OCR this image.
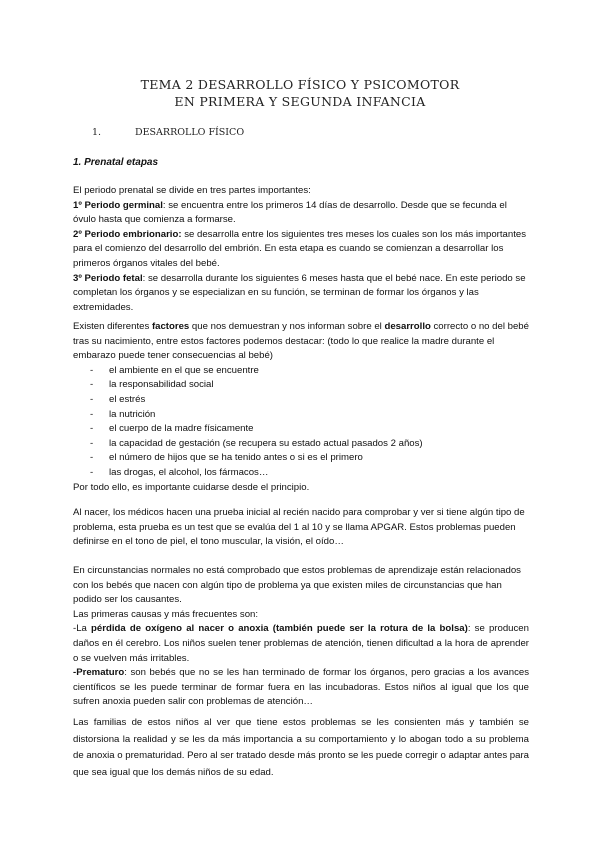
TEMA 2 DESARROLLO FÍSICO Y PSICOMOTOR
EN PRIMERA Y SEGUNDA INFANCIA
1.	DESARROLLO FÍSICO
1. Prenatal etapas

El periodo prenatal se divide en tres partes importantes:

1º Periodo germinal: se encuentra entre los primeros 14 días de desarrollo. Desde que se fecunda el óvulo hasta que comienza a formarse.

2º Periodo embrionario: se desarrolla entre los siguientes tres meses los cuales son los más importantes para el comienzo del desarrollo del embrión. En esta etapa es cuando se comienzan a desarrollar los primeros órganos vitales del bebé.

3º Periodo fetal: se desarrolla durante los siguientes 6 meses hasta que el bebé nace. En este periodo se completan los órganos y se especializan en su función, se terminan de formar los órganos y las extremidades.

Existen diferentes factores que nos demuestran y nos informan sobre el desarrollo correcto o no del bebé tras su nacimiento, entre estos factores podemos destacar: (todo lo que realice la madre durante el embarazo puede tener consecuencias al bebé)

- el ambiente en el que se encuentre
- la responsabilidad social
- el estrés
- la nutrición
- el cuerpo de la madre físicamente
- la capacidad de gestación (se recupera su estado actual pasados 2 años)
- el número de hijos que se ha tenido antes o si es el primero
- las drogas, el alcohol, los fármacos…

Por todo ello, es importante cuidarse desde el principio.

Al nacer, los médicos hacen una prueba inicial al recién nacido para comprobar y ver si tiene algún tipo de problema, esta prueba es un test que se evalúa del 1 al 10 y se llama APGAR. Estos problemas pueden definirse en el tono de piel, el tono muscular, la visión, el oído…

En circunstancias normales no está comprobado que estos problemas de aprendizaje están relacionados con los bebés que nacen con algún tipo de problema ya que existen miles de circunstancias que han podido ser los causantes.

Las primeras causas y más frecuentes son:

-La pérdida de oxígeno al nacer o anoxia (también puede ser la rotura de la bolsa): se producen daños en él cerebro. Los niños suelen tener problemas de atención, tienen dificultad a la hora de aprender o se vuelven más irritables.

-Prematuro: son bebés que no se les han terminado de formar los órganos, pero gracias a los avances científicos se les puede terminar de formar fuera en las incubadoras. Estos niños al igual que los que sufren anoxia pueden salir con problemas de atención…

Las familias de estos niños al ver que tiene estos problemas se les consienten más y también se distorsiona la realidad y se les da más importancia a su comportamiento y lo abogan todo a su problema de anoxia o prematuridad. Pero al ser tratado desde más pronto se les puede corregir o adaptar antes para que sea igual que los demás niños de su edad.
